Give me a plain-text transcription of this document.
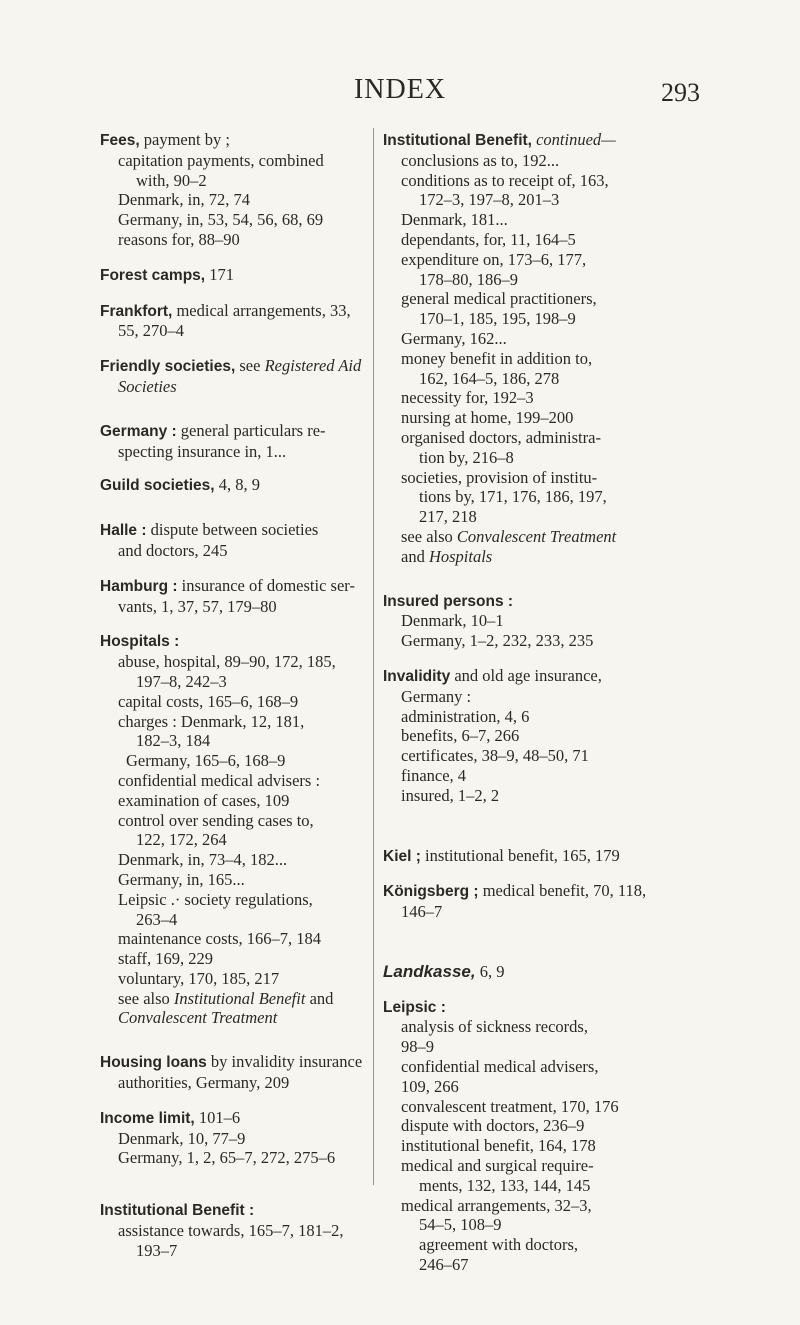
INDEX	293
Fees, payment by ;
capitation payments, combined
with, 90–2
Denmark, in, 72, 74
Germany, in, 53, 54, 56, 68, 69
reasons for, 88–90
Forest camps, 171
Frankfort, medical arrangements, 33,
55, 270–4
Friendly societies, see Registered Aid
Societies
Germany : general particulars re-
specting insurance in, 1...
Guild societies, 4, 8, 9
Halle : dispute between societies
and doctors, 245
Hamburg : insurance of domestic ser-
vants, 1, 37, 57, 179–80
Hospitals :
abuse, hospital, 89–90, 172, 185,
197–8, 242–3
capital costs, 165–6, 168–9
charges : Denmark, 12, 181,
182–3, 184
Germany, 165–6, 168–9
confidential medical advisers :
examination of cases, 109
control over sending cases to,
122, 172, 264
Denmark, in, 73–4, 182...
Germany, in, 165...
Leipsic .· society regulations,
263–4
maintenance costs, 166–7, 184
staff, 169, 229
voluntary, 170, 185, 217
see also Institutional Benefit and
Convalescent Treatment
Housing loans by invalidity insurance
authorities, Germany, 209
Income limit, 101–6
Denmark, 10, 77–9
Germany, 1, 2, 65–7, 272, 275–6
Institutional Benefit :
assistance towards, 165–7, 181–2,
193–7
Institutional Benefit, continued—
conclusions as to, 192...
conditions as to receipt of, 163,
172–3, 197–8, 201–3
Denmark, 181...
dependants, for, 11, 164–5
expenditure on, 173–6, 177,
178–80, 186–9
general medical practitioners,
170–1, 185, 195, 198–9
Germany, 162...
money benefit in addition to,
162, 164–5, 186, 278
necessity for, 192–3
nursing at home, 199–200
organised doctors, administra-
tion by, 216–8
societies, provision of institu-
tions by, 171, 176, 186, 197,
217, 218
see also Convalescent Treatment
and Hospitals
Insured persons :
Denmark, 10–1
Germany, 1–2, 232, 233, 235
Invalidity and old age insurance,
Germany :
administration, 4, 6
benefits, 6–7, 266
certificates, 38–9, 48–50, 71
finance, 4
insured, 1–2, 2
Kiel ; institutional benefit, 165, 179
Königsberg ; medical benefit, 70, 118,
146–7
Landkasse, 6, 9
Leipsic :
analysis of sickness records,
98–9
confidential medical advisers,
109, 266
convalescent treatment, 170, 176
dispute with doctors, 236–9
institutional benefit, 164, 178
medical and surgical require-
ments, 132, 133, 144, 145
medical arrangements, 32–3,
54–5, 108–9
agreement with doctors,
246–67
